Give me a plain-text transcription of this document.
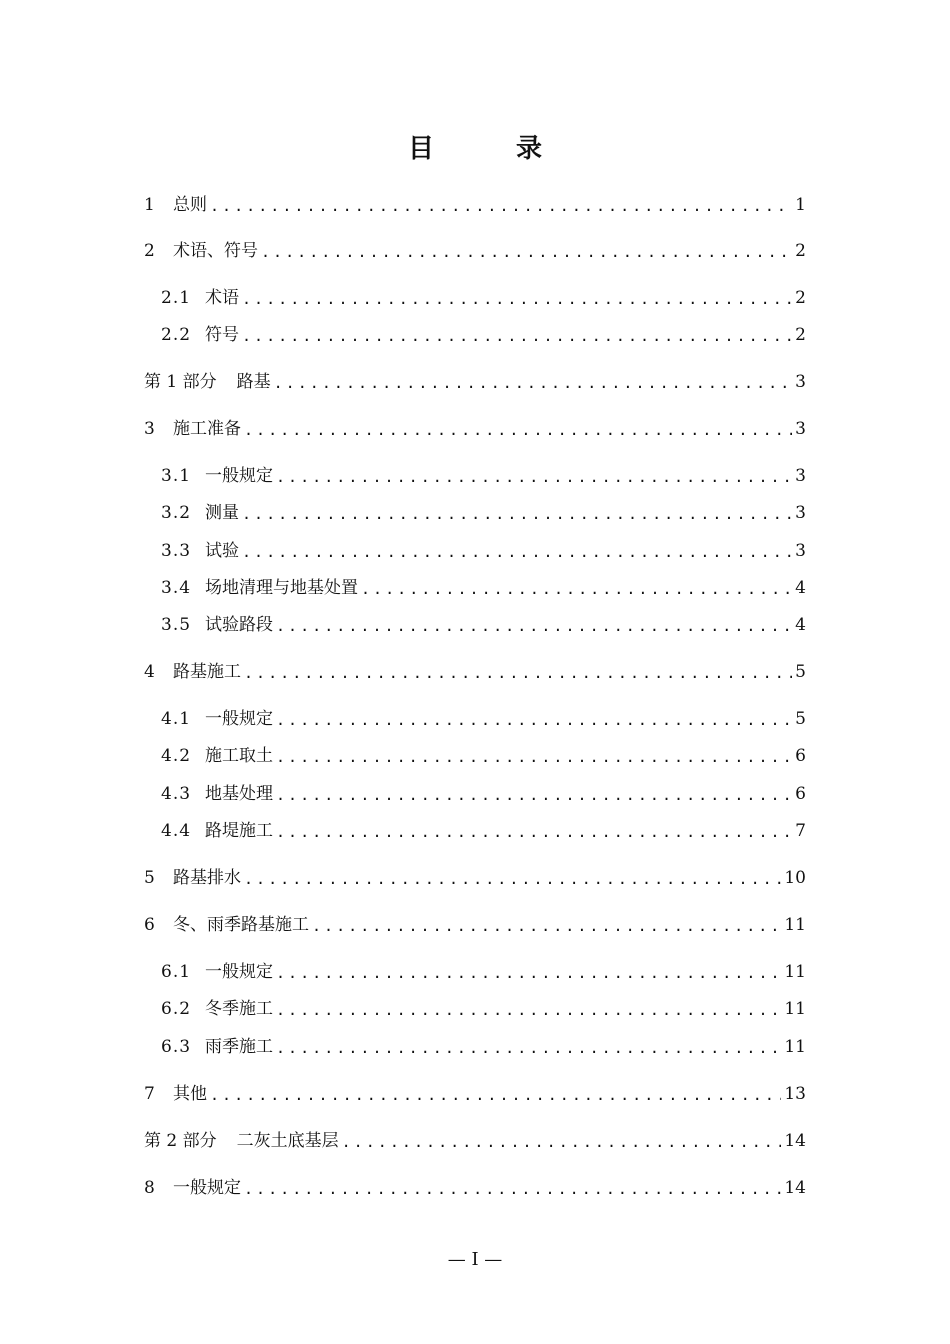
目　录
1	总则 . . .	1
2	术语、符号 . . .	2
2.1 术语 . . .	2
2.2 符号 . . .	2
第 1 部分 路基 . . .	3
3	施工准备 . . .	3
3.1 一般规定 . . .	3
3.2 测量 . . .	3
3.3 试验 . . .	3
3.4 场地清理与地基处置 . . .	4
3.5 试验路段 . . .	4
4	路基施工 . . .	5
4.1 一般规定 . . .	5
4.2 施工取土 . . .	6
4.3 地基处理 . . .	6
4.4 路堤施工 . . .	7
5	路基排水 . . .	10
6	冬、雨季路基施工 . . .	11
6.1 一般规定 . . .	11
6.2 冬季施工 . . .	11
6.3 雨季施工 . . .	11
7	其他 . . .	13
第 2 部分 二灰土底基层 . . .	14
8	一般规定 . . .	14
— I —
